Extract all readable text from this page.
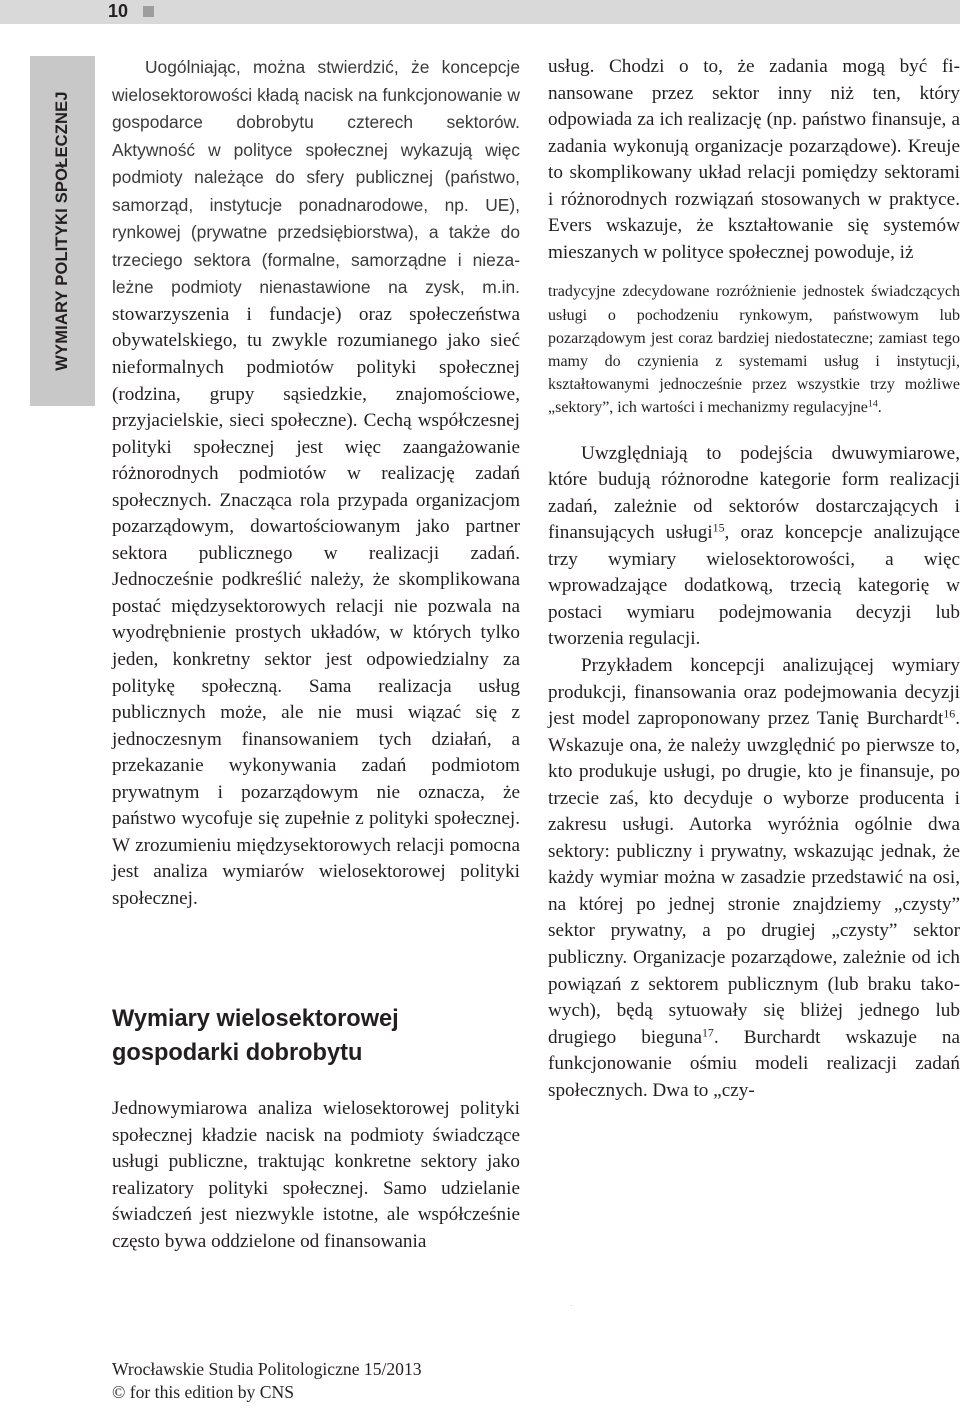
10
WYMIARY POLITYKI SPOŁECZNEJ

Uogólniając, można stwierdzić, że koncepcje wielosektorowości kładą nacisk na funkcjonowanie w gospodarce dobrobytu czterech sektorów. Aktywność w polityce społecznej wykazują więc podmioty należące do sfery publicznej (państwo, samorząd, instytucje ponadnarodowe, np. UE), rynkowej (prywatne przedsiębiorstwa), a także do trzeciego sektora (formalne, samorządne i niezależne podmioty nienastawione na zysk, m.in. stowarzyszenia i fundacje) oraz społeczeństwa obywatelskiego, tu zwykle rozumianego jako sieć nieformalnych podmiotów polityki społecznej (rodzina, grupy sąsiedzkie, znajomościowe, przyjacielskie, sieci społeczne). Cechą współczesnej polityki społecznej jest więc zaangażowanie różnorodnych podmiotów w realizację zadań społecznych. Znacząca rola przypada organizacjom pozarządowym, dowartościowanym jako partner sektora publicznego w realizacji zadań. Jednocześnie podkreślić należy, że skomplikowana postać międzysektorowych relacji nie pozwala na wyodrębnienie prostych układów, w których tylko jeden, konkretny sektor jest odpowiedzialny za politykę społeczną. Sama realizacja usług publicznych może, ale nie musi wiązać się z jednoczesnym finansowaniem tych działań, a przekazanie wykonywania zadań podmiotom prywatnym i pozarządowym nie oznacza, że państwo wycofuje się zupełnie z polityki społecznej. W zrozumieniu międzysektorowych relacji pomocna jest analiza wymiarów wielosektorowej polityki społecznej.

Wymiary wielosektorowej gospodarki dobrobytu

Jednowymiarowa analiza wielosektorowej polityki społecznej kładzie nacisk na podmioty świadczące usługi publiczne, traktując konkretne sektory jako realizatory polityki społecznej. Samo udzielanie świadczeń jest niezwykle istotne, ale współcześnie często bywa oddzielone od finansowania

usług. Chodzi o to, że zadania mogą być finansowane przez sektor inny niż ten, który odpowiada za ich realizację (np. państwo finansuje, a zadania wykonują organizacje pozarządowe). Kreuje to skomplikowany układ relacji pomiędzy sektorami i różnorodnych rozwiązań stosowanych w praktyce. Evers wskazuje, że kształtowanie się systemów mieszanych w polityce społecznej powoduje, iż

tradycyjne zdecydowane rozróżnienie jednostek świadczących usługi o pochodzeniu rynkowym, państwowym lub pozarządowym jest coraz bardziej niedostateczne; zamiast tego mamy do czynienia z systemami usług i instytucji, kształtowanymi jednocześnie przez wszystkie trzy możliwe „sektory”, ich wartości i mechanizmy regulacyjne$^{14}$.

Uwzględniają to podejścia dwuwymiarowe, które budują różnorodne kategorie form realizacji zadań, zależnie od sektorów dostarczających i finansujących usługi$^{15}$, oraz koncepcje analizujące trzy wymiary wielosektorowości, a więc wprowadzające dodatkową, trzecią kategorię w postaci wymiaru podejmowania decyzji lub tworzenia regulacji.

Przykładem koncepcji analizującej wymiary produkcji, finansowania oraz podejmowania decyzji jest model zaproponowany przez Tanię Burchardt$^{16}$. Wskazuje ona, że należy uwzględnić po pierwsze to, kto produkuje usługi, po drugie, kto je finansuje, po trzecie zaś, kto decyduje o wyborze producenta i zakresu usługi. Autorka wyróżnia ogólnie dwa sektory: publiczny i prywatny, wskazując jednak, że każdy wymiar można w zasadzie przedstawić na osi, na której po jednej stronie znajdziemy „czysty” sektor prywatny, a po drugiej „czysty” sektor publiczny. Organizacje pozarządowe, zależnie od ich powiązań z sektorem publicznym (lub braku takowych), będą sytuowały się bliżej jednego lub drugiego bieguna$^{17}$. Burchardt wskazuje na funkcjonowanie ośmiu modeli realizacji zadań społecznych. Dwa to „czy-

·
Wrocławskie Studia Politologiczne 15/2013
© for this edition by CNS
